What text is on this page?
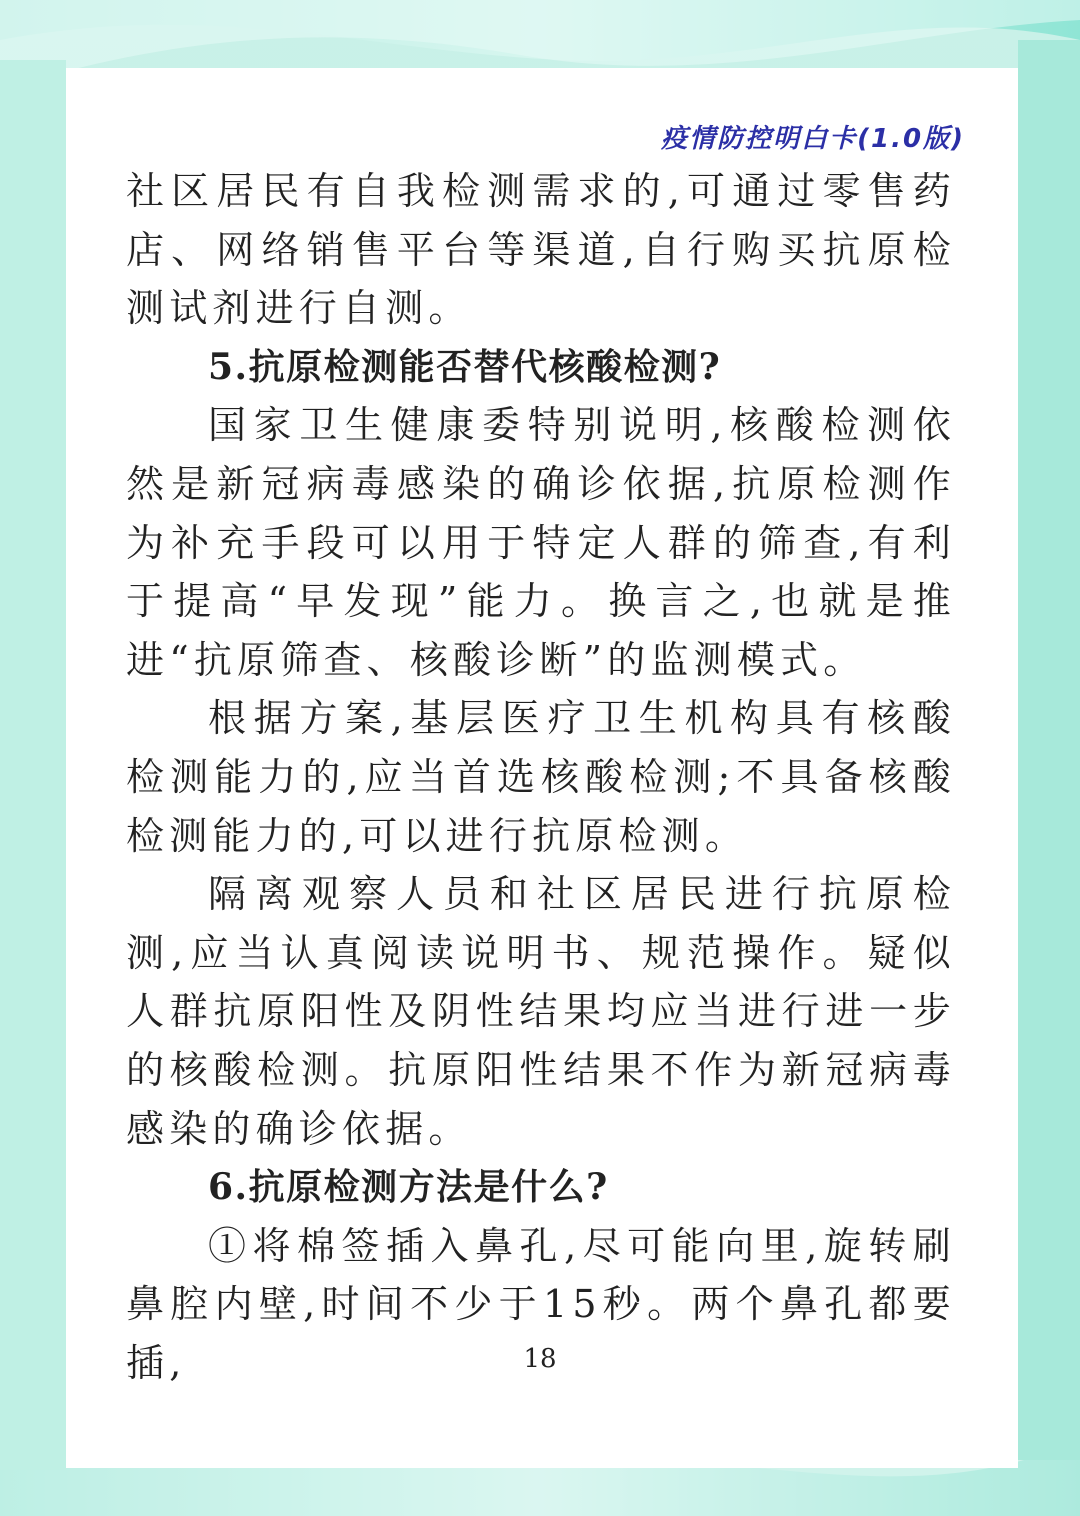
疫情防控明白卡(1.0版)

社区居民有自我检测需求的,可通过零售药店、网络销售平台等渠道,自行购买抗原检测试剂进行自测。

5.抗原检测能否替代核酸检测?

国家卫生健康委特别说明,核酸检测依然是新冠病毒感染的确诊依据,抗原检测作为补充手段可以用于特定人群的筛查,有利于提高“早发现”能力。换言之,也就是推进“抗原筛查、核酸诊断”的监测模式。

根据方案,基层医疗卫生机构具有核酸检测能力的,应当首选核酸检测;不具备核酸检测能力的,可以进行抗原检测。

隔离观察人员和社区居民进行抗原检测,应当认真阅读说明书、规范操作。疑似人群抗原阳性及阴性结果均应当进行进一步的核酸检测。抗原阳性结果不作为新冠病毒感染的确诊依据。

6.抗原检测方法是什么?

①将棉签插入鼻孔,尽可能向里,旋转刷鼻腔内壁,时间不少于15秒。两个鼻孔都要插,	18
